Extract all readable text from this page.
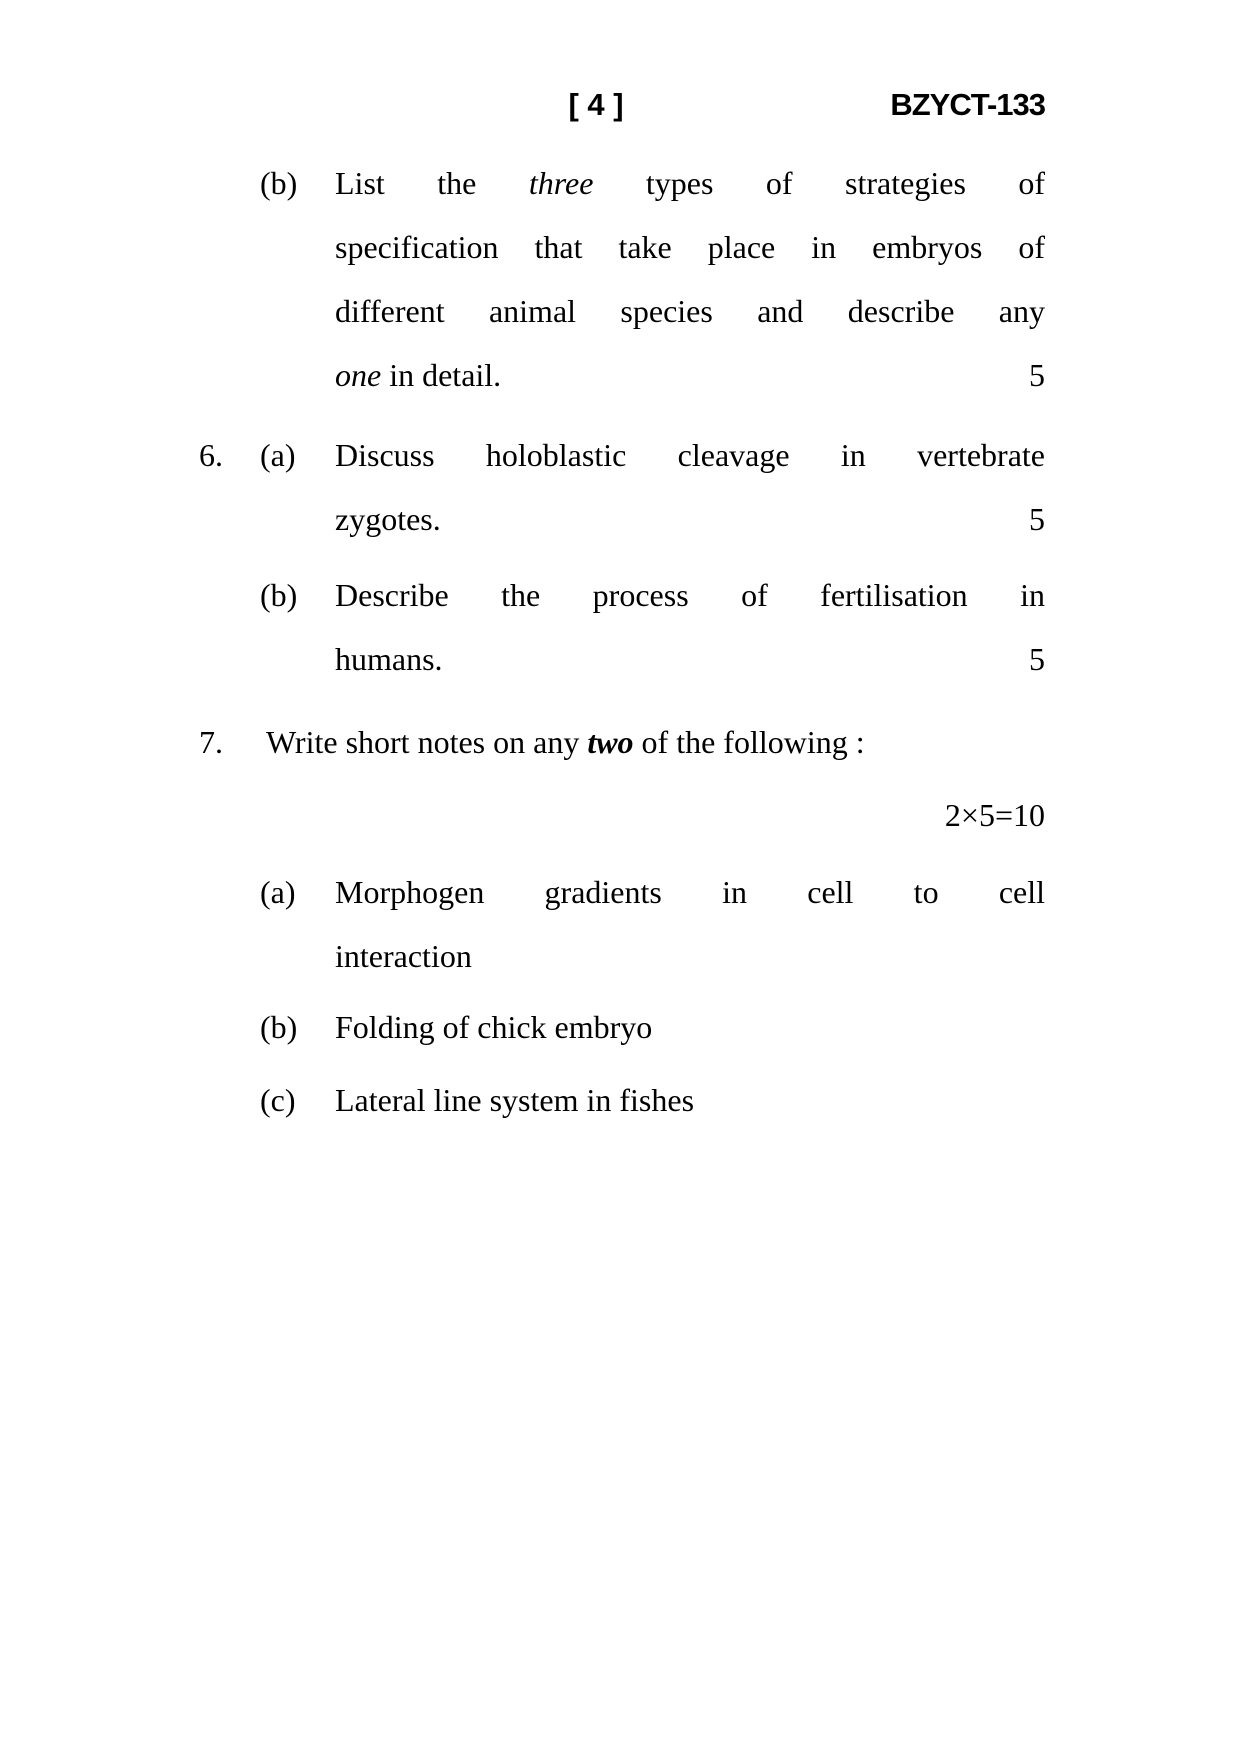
[ 4 ]	BZYCT-133
(b)	List the three types of strategies of
specification that take place in embryos of
different animal species and describe any
one in detail.	5
6.	(a)	Discuss holoblastic cleavage in vertebrate
zygotes.	5
(b)	Describe the process of fertilisation in
humans.	5
7.	Write short notes on any two of the following :
2×5=10
(a)	Morphogen gradients in cell to cell
interaction
(b)	Folding of chick embryo
(c)	Lateral line system in fishes
